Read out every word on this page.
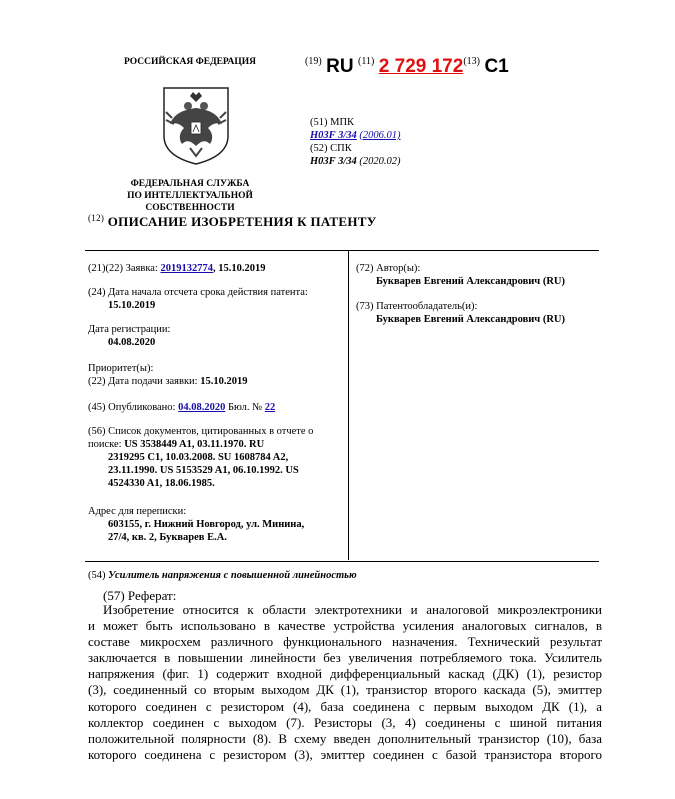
РОССИЙСКАЯ ФЕДЕРАЦИЯ
ФЕДЕРАЛЬНАЯ СЛУЖБА
ПО ИНТЕЛЛЕКТУАЛЬНОЙ СОБСТВЕННОСТИ
$^{(19)}$ RU $^{(11)}$ 2 729 172$^{(13)}$ C1
(51) МПК
H03F 3/34 (2006.01)
(52) СПК
H03F 3/34 (2020.02)
$^{(12)}$ ОПИСАНИЕ ИЗОБРЕТЕНИЯ К ПАТЕНТУ
(21)(22) Заявка: 2019132774, 15.10.2019
(24) Дата начала отсчета срока действия патента:
15.10.2019
Дата регистрации:
04.08.2020
Приоритет(ы):
(22) Дата подачи заявки: 15.10.2019
(45) Опубликовано: 04.08.2020 Бюл. № 22
(56) Список документов, цитированных в отчете о поиске: US 3538449 A1, 03.11.1970. RU
2319295 C1, 10.03.2008. SU 1608784 A2,
23.11.1990. US 5153529 A1, 06.10.1992. US
4524330 A1, 18.06.1985.
Адрес для переписки:
603155, г. Нижний Новгород, ул. Минина,
27/4, кв. 2, Букварев Е.А.
(72) Автор(ы):
Букварев Евгений Александрович (RU)
(73) Патентообладатель(и):
Букварев Евгений Александрович (RU)
(54) Усилитель напряжения с повышенной линейностью
(57) Реферат:
Изобретение относится к области электротехники и аналоговой микроэлектроники
и может быть использовано в качестве устройства усиления аналоговых сигналов, в
составе микросхем различного функционального назначения. Технический результат
заключается в повышении линейности без увеличения потребляемого тока. Усилитель
напряжения (фиг. 1) содержит входной дифференциальный каскад (ДК) (1), резистор
(3), соединенный со вторым выходом ДК (1), транзистор второго каскада (5), эмиттер
которого соединен с резистором (4), база соединена с первым выходом ДК (1), а
коллектор соединен с выходом (7). Резисторы (3, 4) соединены с шиной питания
положительной полярности (8). В схему введен дополнительный транзистор (10), база
которого соединена с резистором (3), эмиттер соединен с базой транзистора второго
